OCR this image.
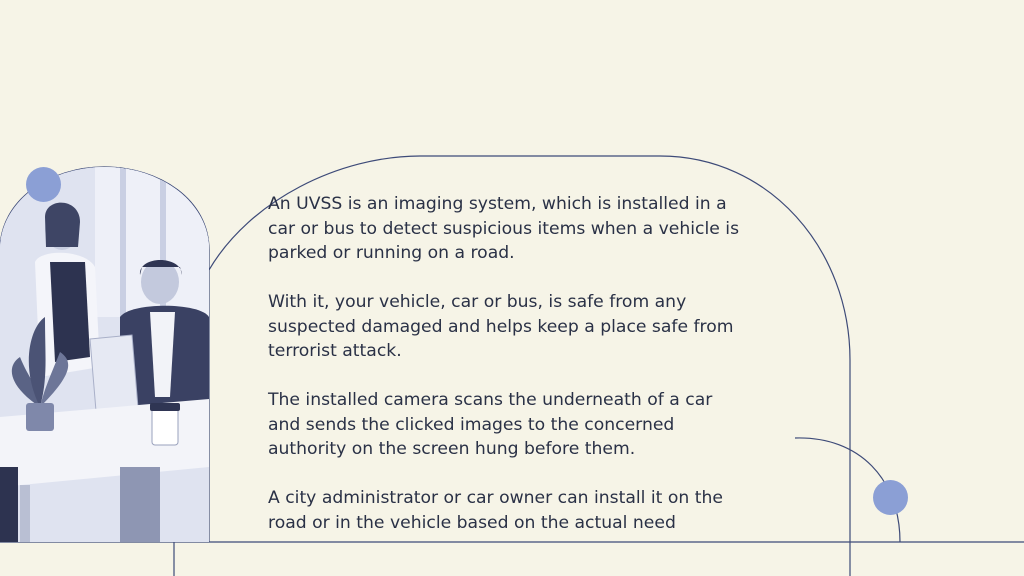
An UVSS is an imaging system, which is installed in a car or bus to detect suspicious items when a vehicle is parked or running on a road.

With it, your vehicle, car or bus, is safe from any suspected damaged and helps keep a place safe from terrorist attack.

The installed camera scans the underneath of a car and sends the clicked images to the concerned authority on the screen hung before them.

A city administrator or car owner can install it on the road or in the vehicle based on the actual need
